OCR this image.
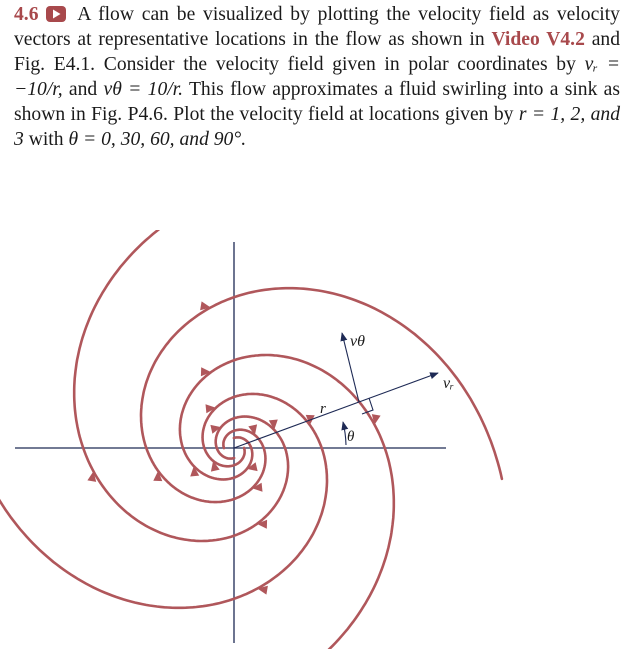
4.6 A flow can be visualized by plotting the velocity field as velocity vectors at representative locations in the flow as shown in Video V4.2 and Fig. E4.1. Consider the velocity field given in polar coordinates by vᵣ = −10/r, and vθ = 10/r. This flow approximates a fluid swirling into a sink as shown in Fig. P4.6. Plot the velocity field at locations given by r = 1, 2, and 3 with θ = 0, 30, 60, and 90°.
vθ
vᵣ
r
θ
